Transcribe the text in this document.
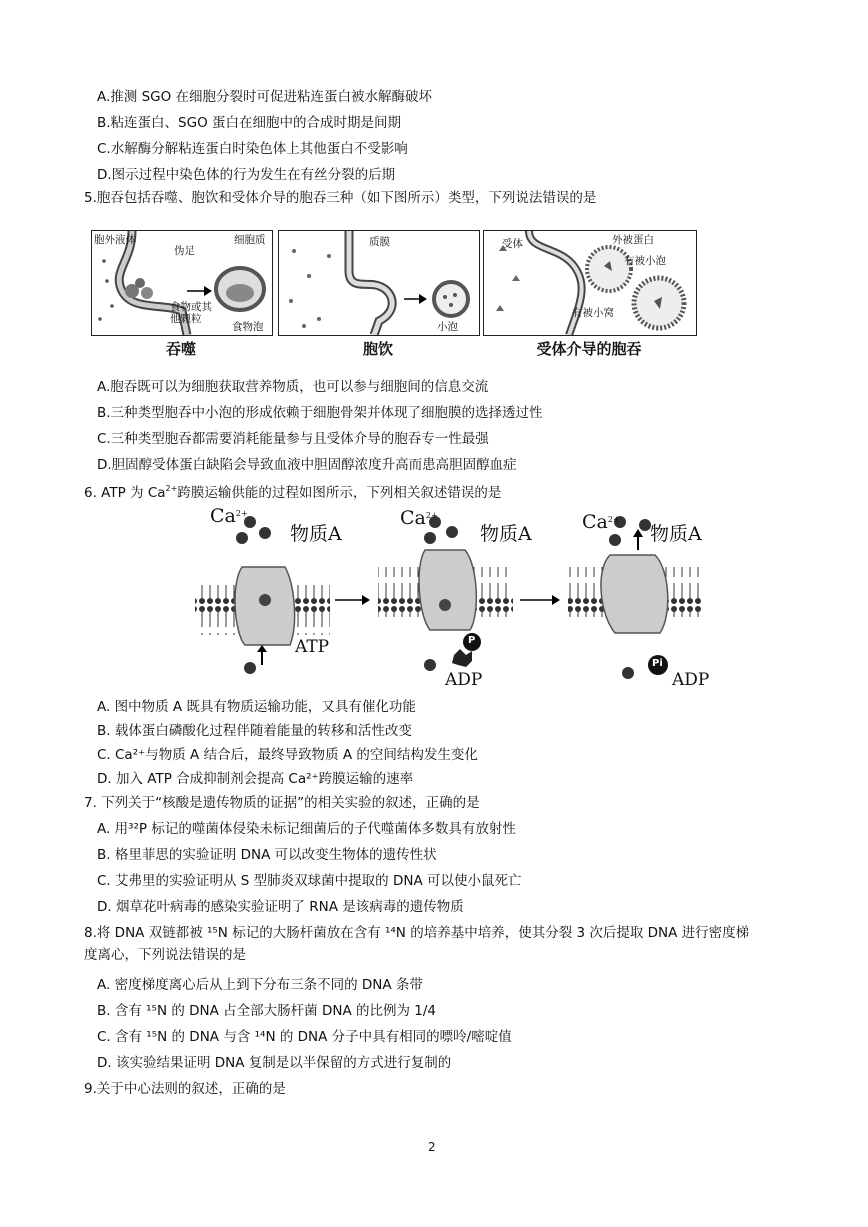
A.推测 SGO 在细胞分裂时可促进粘连蛋白被水解酶破坏
B.粘连蛋白、SGO 蛋白在细胞中的合成时期是间期
C.水解酶分解粘连蛋白时染色体上其他蛋白不受影响
D.图示过程中染色体的行为发生在有丝分裂的后期
5.胞吞包括吞噬、胞饮和受体介导的胞吞三种（如下图所示）类型，下列说法错误的是
胞外液体
伪足
细胞质
食物或其他颗粒
食物泡
质膜
小泡
受体	外被蛋白
有被小泡
有被小窝
吞噬	胞饮	受体介导的胞吞
A.胞吞既可以为细胞获取营养物质，也可以参与细胞间的信息交流
B.三种类型胞吞中小泡的形成依赖于细胞骨架并体现了细胞膜的选择透过性
C.三种类型胞吞都需要消耗能量参与且受体介导的胞吞专一性最强
D.胆固醇受体蛋白缺陷会导致血液中胆固醇浓度升高而患高胆固醇血症
6. ATP 为 $Ca^{2+}$跨膜运输供能的过程如图所示，下列相关叙述错误的是
$Ca^{2+}$
物质A
ATP
$Ca^{2+}$
物质A
P
ADP
$Ca^{2+}$
物质A
Pi
ADP
A. 图中物质 A 既具有物质运输功能，又具有催化功能
B. 载体蛋白磷酸化过程伴随着能量的转移和活性改变
C. Ca²⁺与物质 A 结合后，最终导致物质 A 的空间结构发生变化
D. 加入 ATP 合成抑制剂会提高 Ca²⁺跨膜运输的速率
7. 下列关于“核酸是遗传物质的证据”的相关实验的叙述，正确的是
A. 用³²P 标记的噬菌体侵染未标记细菌后的子代噬菌体多数具有放射性
B. 格里菲思的实验证明 DNA 可以改变生物体的遗传性状
C. 艾弗里的实验证明从 S 型肺炎双球菌中提取的 DNA 可以使小鼠死亡
D. 烟草花叶病毒的感染实验证明了 RNA 是该病毒的遗传物质
8.将 DNA 双链都被 ¹⁵N 标记的大肠杆菌放在含有 ¹⁴N 的培养基中培养，使其分裂 3 次后提取 DNA 进行密度梯
度离心，下列说法错误的是
A. 密度梯度离心后从上到下分布三条不同的 DNA 条带
B. 含有 ¹⁵N 的 DNA 占全部大肠杆菌 DNA 的比例为 1/4
C. 含有 ¹⁵N 的 DNA 与含 ¹⁴N 的 DNA 分子中具有相同的嘌呤/嘧啶值
D. 该实验结果证明 DNA 复制是以半保留的方式进行复制的
9.关于中心法则的叙述，正确的是
2
